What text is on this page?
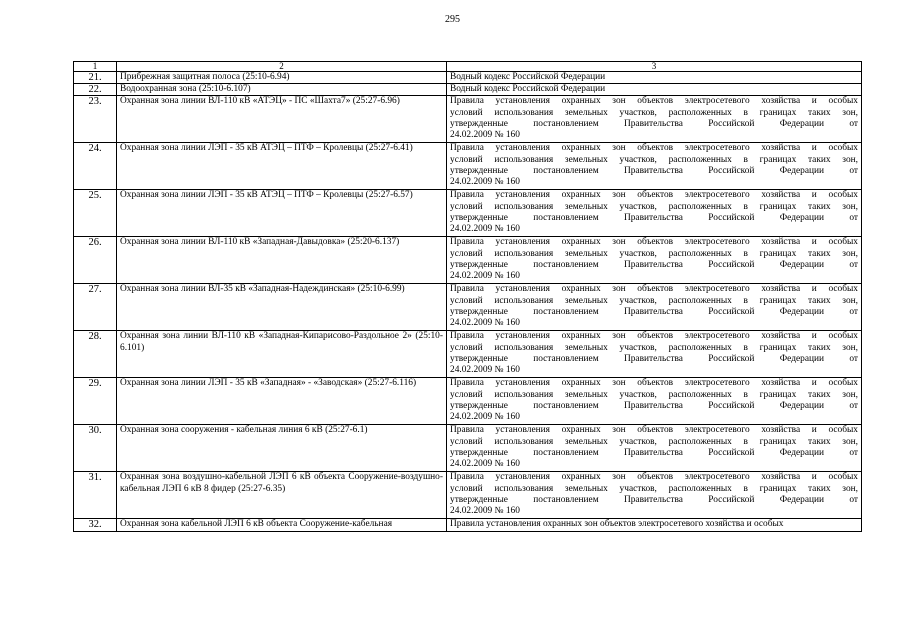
295
1	2	3
21.	Прибрежная защитная полоса (25:10-6.94)	Водный кодекс Российской Федерации

22.	Водоохранная зона (25:10-6.107)	Водный кодекс Российской Федерации

23.	Охранная зона линии ВЛ-110 кВ «АТЭЦ» - ПС «Шахта7» (25:27-6.96)	Правила установления охранных зон объектов электросетевого хозяйства и особых
условий использования земельных участков, расположенных в границах таких зон,
утвержденные постановлением Правительства Российской Федерации от
24.02.2009 № 160

24.	Охранная зона линии ЛЭП - 35 кВ АТЭЦ – ПТФ – Кролевцы (25:27-6.41)	Правила установления охранных зон объектов электросетевого хозяйства и особых
условий использования земельных участков, расположенных в границах таких зон,
утвержденные постановлением Правительства Российской Федерации от
24.02.2009 № 160

25.	Охранная зона линии ЛЭП - 35 кВ АТЭЦ – ПТФ – Кролевцы (25:27-6.57)	Правила установления охранных зон объектов электросетевого хозяйства и особых
условий использования земельных участков, расположенных в границах таких зон,
утвержденные постановлением Правительства Российской Федерации от
24.02.2009 № 160

26.	Охранная зона линии ВЛ-110 кВ «Западная-Давыдовка» (25:20-6.137)	Правила установления охранных зон объектов электросетевого хозяйства и особых
условий использования земельных участков, расположенных в границах таких зон,
утвержденные постановлением Правительства Российской Федерации от
24.02.2009 № 160

27.	Охранная зона линии ВЛ-35 кВ «Западная-Надеждинская» (25:10-6.99)	Правила установления охранных зон объектов электросетевого хозяйства и особых
условий использования земельных участков, расположенных в границах таких зон,
утвержденные постановлением Правительства Российской Федерации от
24.02.2009 № 160

28.	Охранная зона линии ВЛ-110 кВ «Западная-Кипарисово-Раздольное 2» (25:10-6.101)	Правила установления охранных зон объектов электросетевого хозяйства и особых
условий использования земельных участков, расположенных в границах таких зон,
утвержденные постановлением Правительства Российской Федерации от
24.02.2009 № 160

29.	Охранная зона линии ЛЭП - 35 кВ «Западная» - «Заводская» (25:27-6.116)	Правила установления охранных зон объектов электросетевого хозяйства и особых
условий использования земельных участков, расположенных в границах таких зон,
утвержденные постановлением Правительства Российской Федерации от
24.02.2009 № 160

30.	Охранная зона сооружения - кабельная линия 6 кВ (25:27-6.1)	Правила установления охранных зон объектов электросетевого хозяйства и особых
условий использования земельных участков, расположенных в границах таких зон,
утвержденные постановлением Правительства Российской Федерации от
24.02.2009 № 160

31.	Охранная зона воздушно-кабельной ЛЭП 6 кВ объекта Сооружение-воздушно-кабельная ЛЭП 6 кВ 8 фидер (25:27-6.35)	Правила установления охранных зон объектов электросетевого хозяйства и особых
условий использования земельных участков, расположенных в границах таких зон,
утвержденные постановлением Правительства Российской Федерации от
24.02.2009 № 160

32.	Охранная зона кабельной ЛЭП 6 кВ объекта Сооружение-кабельная	Правила установления охранных зон объектов электросетевого хозяйства и особых
